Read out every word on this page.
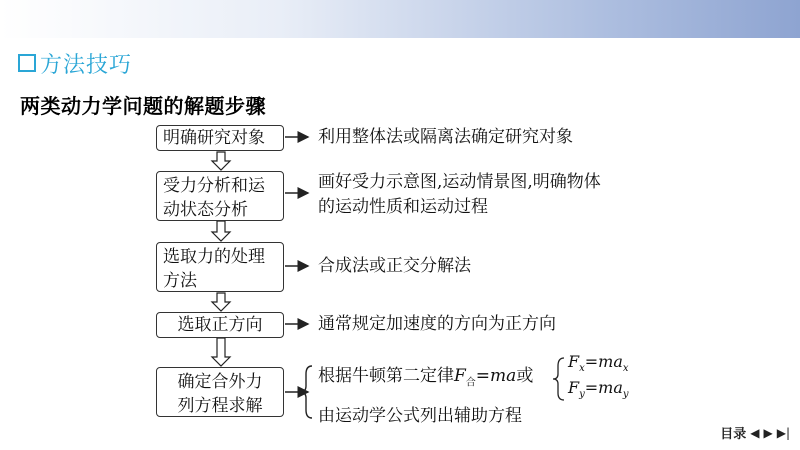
方法技巧
两类动力学问题的解题步骤
明确研究对象	利用整体法或隔离法确定研究对象
受力分析和运
动状态分析
画好受力示意图,运动情景图,明确物体
的运动性质和运动过程
选取力的处理
方法
合成法或正交分解法
选取正方向	通常规定加速度的方向为正方向
确定合外力
列方程求解
根据牛顿第二定律$F_合=ma$或
由运动学公式列出辅助方程
$F_x=ma_x$
$F_y=ma_y$
目录 ◀ ▶ ▶|
